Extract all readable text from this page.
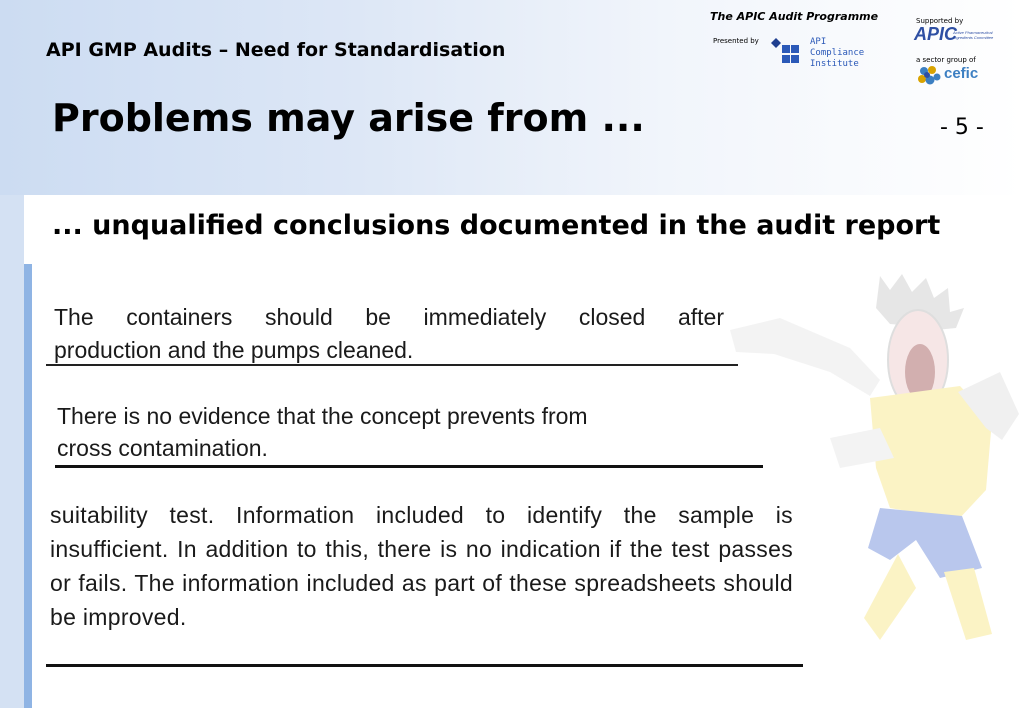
API GMP Audits – Need for Standardisation
Problems may arise from ...	- 5 -
The APIC Audit Programme
Presented by	API
Compliance
Institute
Supported by
APIC
Active Pharmaceutical
Ingredients Committee
a sector group of
cefic
... unqualified conclusions documented in the audit report
The containers should be immediately closed after
production and the pumps cleaned.
There is no evidence that the concept prevents from
cross contamination.
suitability test. Information included to identify the sample is insufficient. In addition to this, there is no indication if the test passes or fails. The information included as part of these spreadsheets should be improved.
